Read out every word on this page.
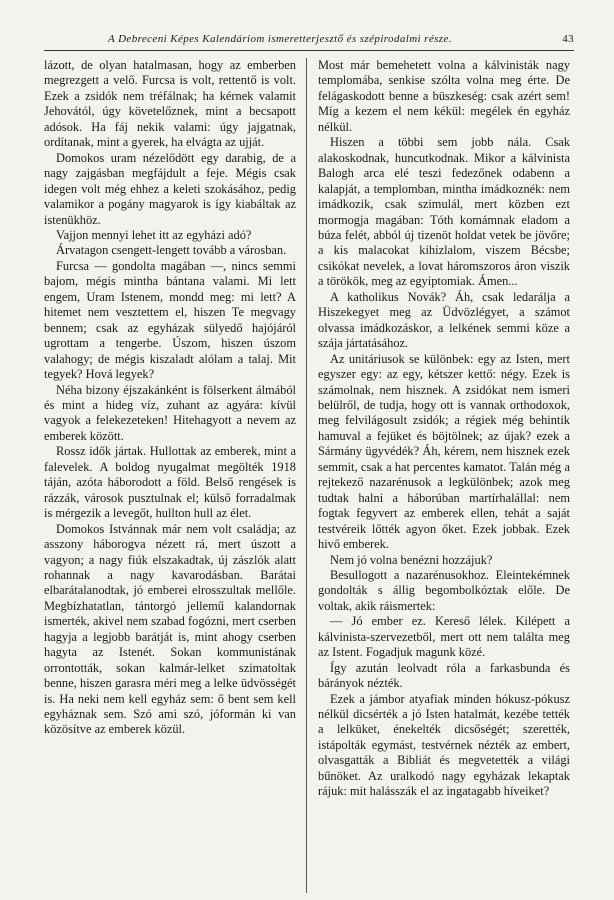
A Debreceni Képes Kalendáriom ismeretterjesztő és szépirodalmi része.	43

lázott, de olyan hatalmasan, hogy az emberben megrezgett a velő. Furcsa is volt, rettentő is volt. Ezek a zsidók nem tréfálnak; ha kérnek valamit Jehovától, úgy követelőznek, mint a becsapott adósok. Ha fáj nekik valami: úgy jajgatnak, ordítanak, mint a gyerek, ha elvágta az ujját.

Domokos uram nézelődött egy darabig, de a nagy zajgásban megfájdult a feje. Mégis csak idegen volt még ehhez a keleti szokásához, pedig valamikor a pogány magyarok is így kiabáltak az istenükhöz.

Vajjon mennyi lehet itt az egyházi adó?

Árvatagon csengett-lengett tovább a városban.

Furcsa — gondolta magában —, nincs semmi bajom, mégis mintha bántana valami. Mi lett engem, Uram Istenem, mondd meg: mi lett? A hitemet nem vesztettem el, hiszen Te megvagy bennem; csak az egyházak sülyedő hajójáról ugrottam a tengerbe. Úszom, hiszen úszom valahogy; de mégis kiszaladt alólam a talaj. Mit tegyek? Hová legyek?

Néha bizony éjszakánként is fölserkent álmából és mint a hideg víz, zuhant az agyára: kívül vagyok a felekezeteken! Hitehagyott a nevem az emberek között.

Rossz idők jártak. Hullottak az emberek, mint a falevelek. A boldog nyugalmat megölték 1918 táján, azóta háborodott a föld. Belső rengések is rázzák, városok pusztulnak el; külső forradalmak is mérgezik a levegőt, hullton hull az élet.

Domokos Istvánnak már nem volt családja; az asszony háborogva nézett rá, mert úszott a vagyon; a nagy fiúk elszakadtak, új zászlók alatt rohannak a nagy kavarodásban. Barátai elbarátalanodtak, jó emberei elrosszultak mellőle. Megbízhatatlan, tántorgó jellemű kalandornak ismerték, akivel nem szabad fogózni, mert cserben hagyja a legjobb barátját is, mint ahogy cserben hagyta az Istenét. Sokan kommunistának orrontották, sokan kalmár-lelket szimatoltak benne, hiszen garasra méri meg a lelke üdvösségét is. Ha neki nem kell egyház sem: ő bent sem kell egyháznak sem. Szó ami szó, jóformán ki van közösítve az emberek közül.

Most már bemehetett volna a kálvinisták nagy templomába, senkise szólta volna meg érte. De felágaskodott benne a büszkeség: csak azért sem! Míg a kezem el nem kékül: megélek én egyház nélkül.

Hiszen a többi sem jobb nála. Csak alakoskodnak, huncutkodnak. Mikor a kálvinista Balogh arca elé teszi fedezőnek odabenn a kalapját, a templomban, mintha imádkoznék: nem imádkozik, csak szimulál, mert közben ezt mormogja magában: Tóth komámnak eladom a búza felét, abból új tizenöt holdat vetek be jövőre; a kis malacokat kihizlalom, viszem Bécsbe; csikókat nevelek, a lovat háromszoros áron viszik a törökök, meg az egyiptomiak. Ámen...

A katholikus Novák? Áh, csak ledarálja a Hiszekegyet meg az Üdvözlégyet, a számot olvassa imádkozáskor, a lelkének semmi köze a szája jártatásához.

Az unitáriusok se különbek: egy az Isten, mert egyszer egy: az egy, kétszer kettő: négy. Ezek is számolnak, nem hisznek. A zsidókat nem ismeri belülről, de tudja, hogy ott is vannak orthodoxok, meg felvilágosult zsidók; a régiek még behintik hamuval a fejüket és böjtölnek; az újak? ezek a Sármány ügyvédék? Áh, kérem, nem hisznek ezek semmit, csak a hat percentes kamatot. Talán még a rejtekező nazarénusok a legkülönbek; azok meg tudtak halni a háborúban martírhalállal: nem fogtak fegyvert az emberek ellen, tehát a saját testvéreik lőtték agyon őket. Ezek jobbak. Ezek hivő emberek.

Nem jó volna benézni hozzájuk?

Besullogott a nazarénusokhoz. Eleintekémnek gondolták s állig begombolkóztak előle. De voltak, akik ráismertek:

— Jó ember ez. Kereső lélek. Kilépett a kálvinista-szervezetből, mert ott nem találta meg az Istent. Fogadjuk magunk közé.

Így azután leolvadt róla a farkasbunda és bárányok nézték.

Ezek a jámbor atyafiak minden hókusz-pókusz nélkül dicsérték a jó Isten hatalmát, kezébe tették a lelküket, énekelték dicsőségét; szerették, istápolták egymást, testvérnek nézték az embert, olvasgatták a Bibliát és megvetették a világi bűnöket. Az uralkodó nagy egyházak lekaptak rájuk: mit halásszák el az ingatagabb híveiket?
